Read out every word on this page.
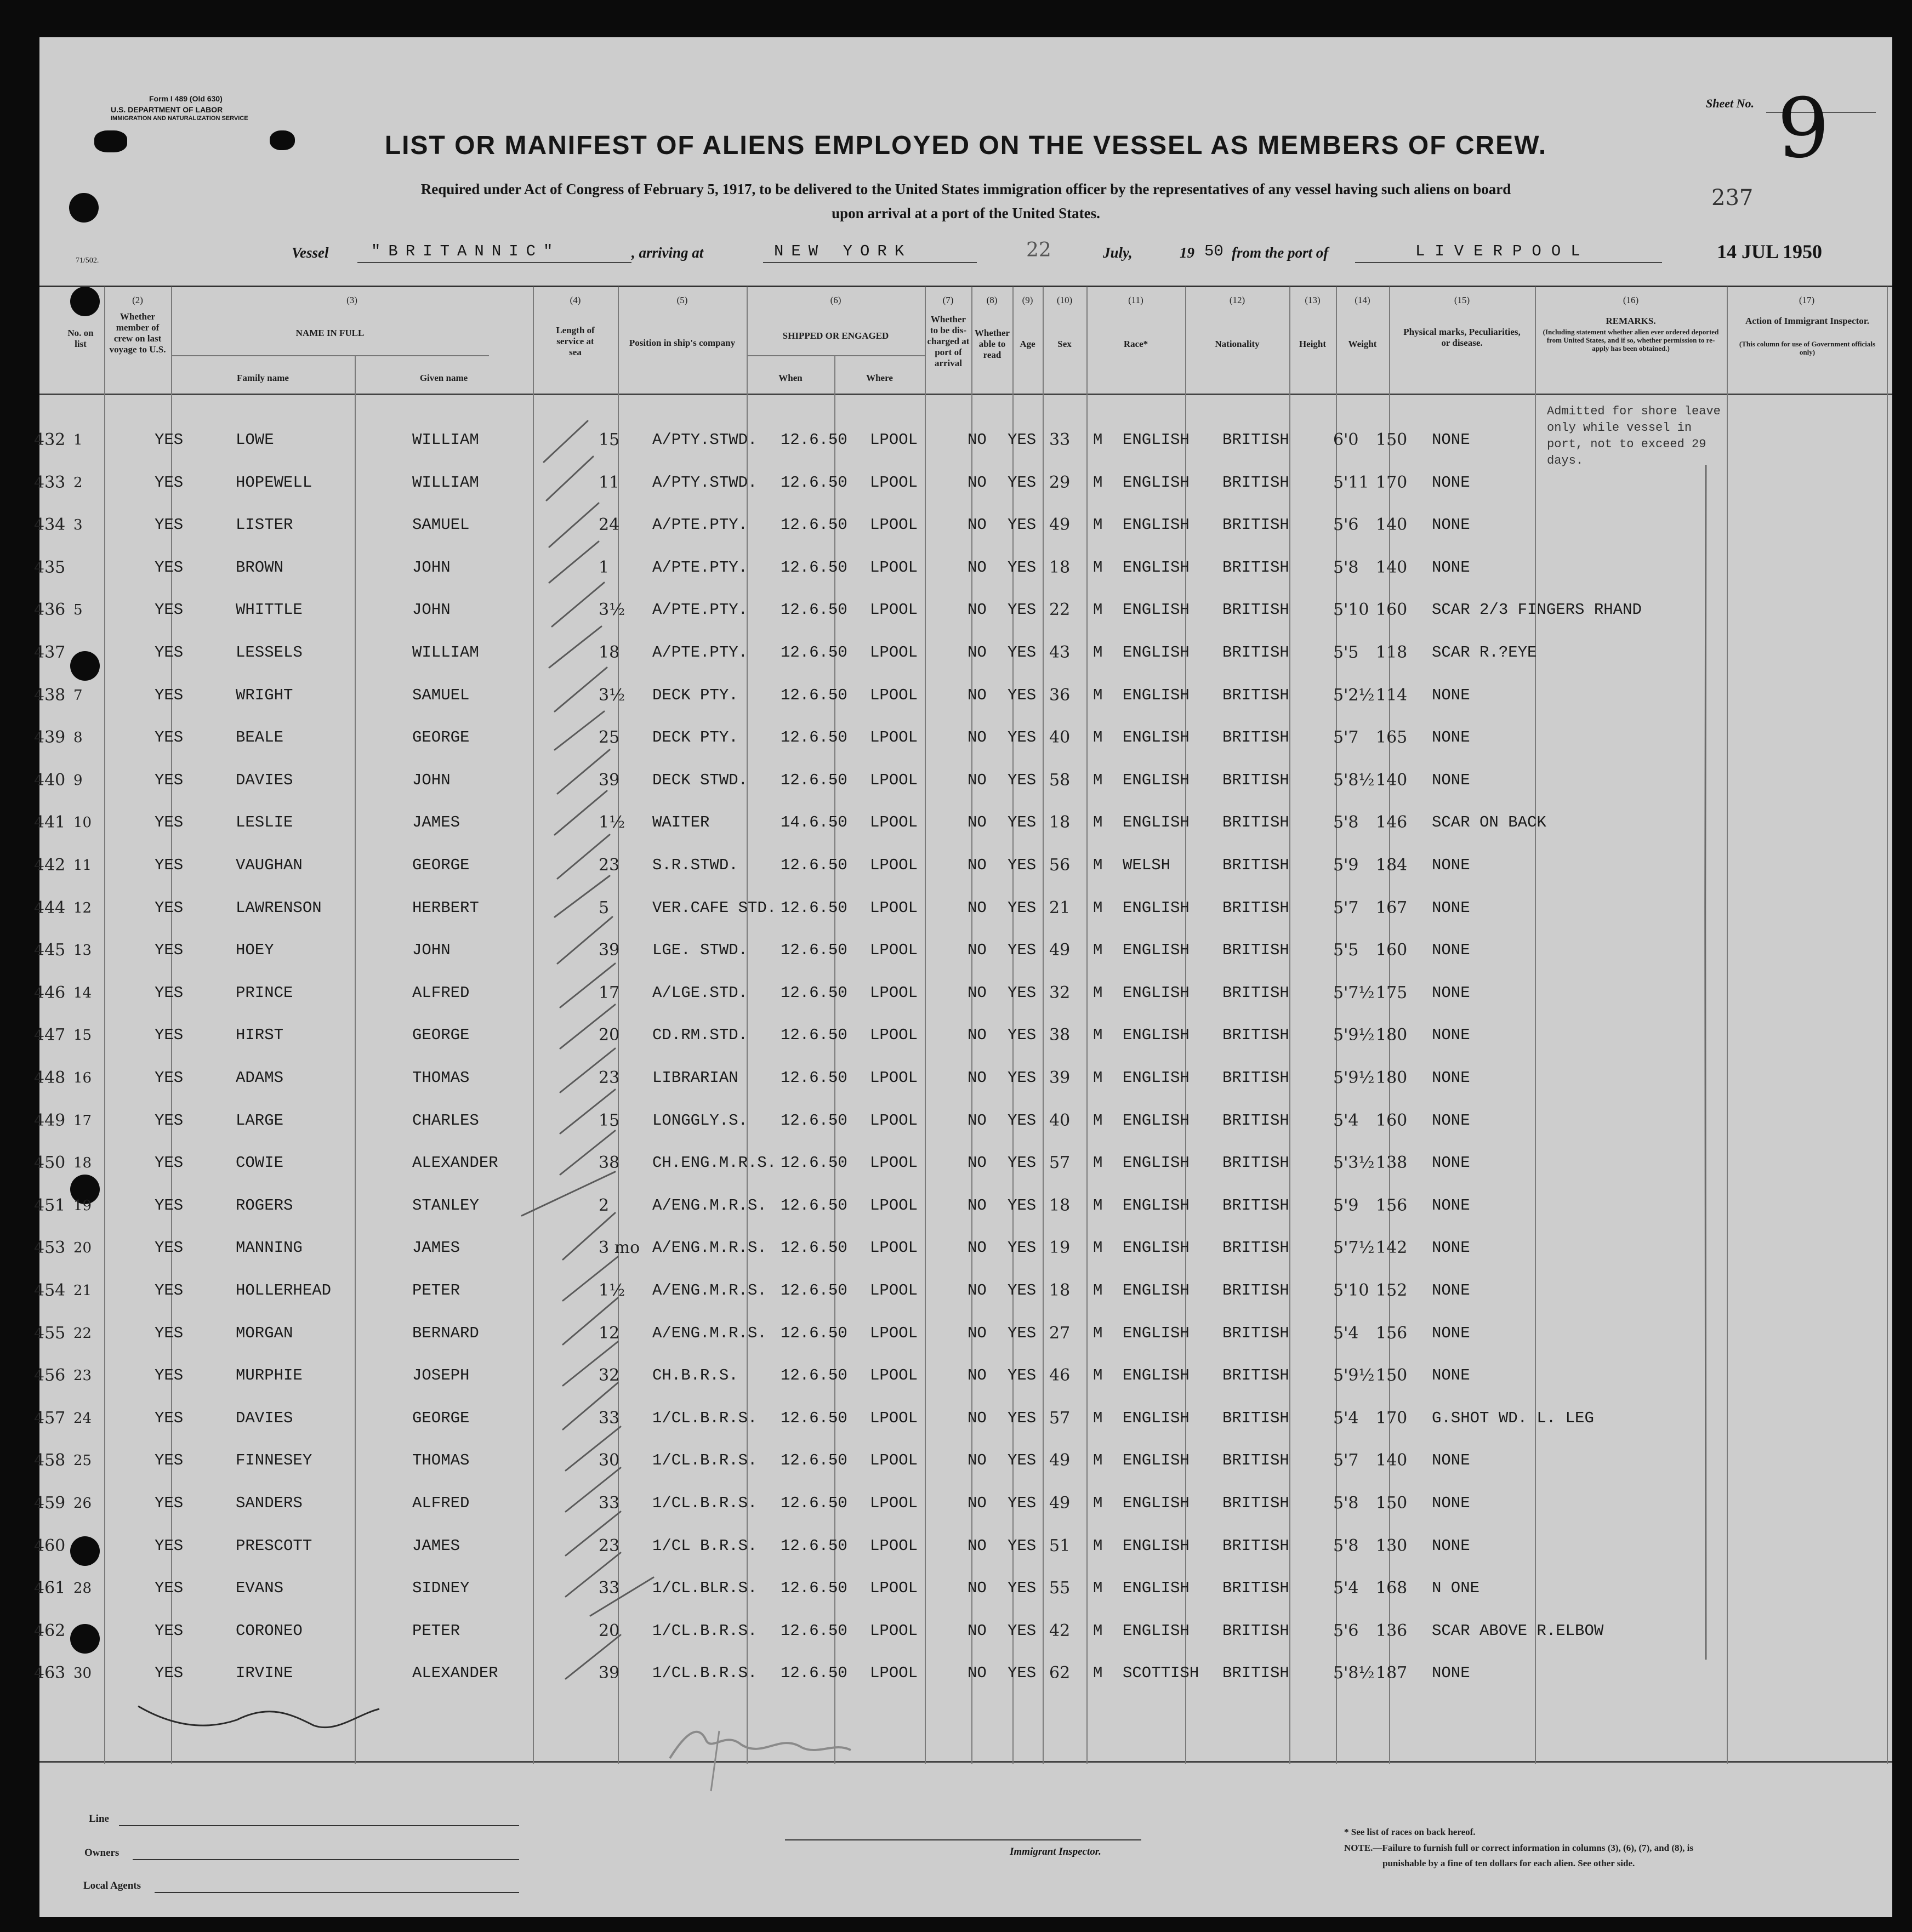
Form I 489 (Old 630)
U.S. DEPARTMENT OF LABOR
IMMIGRATION AND NATURALIZATION SERVICE
71/502.
Sheet No. 9
237
LIST OR MANIFEST OF ALIENS EMPLOYED ON THE VESSEL AS MEMBERS OF CREW.
Required under Act of Congress of February 5, 1917, to be delivered to the United States immigration officer by the representatives of any vessel having such aliens on board
upon arrival at a port of the United States.
Vessel	"BRITANNIC"	, arriving at	NEW YORK	22	July,	19 50 from the port of	LIVERPOOL	14 JUL 1950
No. on list
(2)
Whether member of crew on last voyage to U.S.
(3)
NAME IN FULL
Family name	Given name
(4)
Length of service at sea
(5)
Position in ship's company
(6)
SHIPPED OR ENGAGED
When	Where
(7)
Whether to be dis-charged at port of arrival
(8)
Whether able to read
(9)
Age
(10)
Sex
(11)
Race*
(12)
Nationality
(13)
Height
(14)
Weight
(15)
Physical marks, Peculiarities, or disease.
(16)
REMARKS.
(Including statement whether alien ever ordered deported from United States, and if so, whether permission to re-apply has been obtained.)
(17)
Action of Immigrant Inspector.
(This column for use of Government officials only)
Admitted for shore leave only while vessel in port, not to exceed 29 days.
432 1	YES	LOWE	WILLIAM	15 A/PTY.STWD. 12.6.50 LPOOL	NO YES 33 M ENGLISH BRITISH	6'0 150 NONE
433 2	YES	HOPEWELL	WILLIAM	11 A/PTY.STWD. 12.6.50 LPOOL	NO YES 29 M ENGLISH BRITISH	5'11 170 NONE
434 3	YES	LISTER	SAMUEL	24 A/PTE.PTY. 12.6.50 LPOOL	NO YES 49 M ENGLISH BRITISH	5'6 140 NONE
435	YES	BROWN	JOHN	1	A/PTE.PTY. 12.6.50 LPOOL	NO YES 18 M ENGLISH BRITISH	5'8 140 NONE
436 5	YES	WHITTLE	JOHN	3½ A/PTE.PTY. 12.6.50 LPOOL	NO YES 22 M ENGLISH BRITISH	5'10 160 SCAR 2/3 FINGERS RHAND
437	YES	LESSELS	WILLIAM	18 A/PTE.PTY. 12.6.50 LPOOL	NO YES 43 M ENGLISH BRITISH	5'5 118 SCAR R.?EYE
438 7	YES	WRIGHT	SAMUEL	3½ DECK PTY.	12.6.50 LPOOL	NO YES 36 M ENGLISH BRITISH	5'2½ 114 NONE
439 8	YES	BEALE	GEORGE	25 DECK PTY.	12.6.50 LPOOL	NO YES 40 M ENGLISH BRITISH	5'7 165 NONE
440 9	YES	DAVIES	JOHN	39 DECK STWD. 12.6.50 LPOOL	NO YES 58 M ENGLISH BRITISH	5'8½ 140 NONE
441 10	YES	LESLIE	JAMES	1½ WAITER	14.6.50 LPOOL	NO YES 18 M ENGLISH BRITISH	5'8 146 SCAR ON BACK
442 11	YES	VAUGHAN	GEORGE	23 S.R.STWD.	12.6.50 LPOOL	NO YES 56 M WELSH	BRITISH	5'9 184 NONE
444 12	YES	LAWRENSON	HERBERT	5	VER.CAFE STD. 12.6.50 LPOOL	NO YES 21 M ENGLISH BRITISH	5'7 167 NONE
445 13	YES	HOEY	JOHN	39 LGE. STWD. 12.6.50 LPOOL	NO YES 49 M ENGLISH BRITISH	5'5 160 NONE
446 14	YES	PRINCE	ALFRED	17 A/LGE.STD. 12.6.50 LPOOL	NO YES 32 M ENGLISH BRITISH	5'7½ 175 NONE
447 15	YES	HIRST	GEORGE	20 CD.RM.STD. 12.6.50 LPOOL	NO YES 38 M ENGLISH BRITISH	5'9½ 180 NONE
448 16	YES	ADAMS	THOMAS	23 LIBRARIAN	12.6.50 LPOOL	NO YES 39 M ENGLISH BRITISH	5'9½ 180 NONE
449 17	YES	LARGE	CHARLES	15 LONGGLY.S. 12.6.50 LPOOL	NO YES 40 M ENGLISH BRITISH	5'4 160 NONE
450 18	YES	COWIE	ALEXANDER	38 CH.ENG.M.R.S. 12.6.50 LPOOL	NO YES 57 M ENGLISH BRITISH	5'3½ 138 NONE
451 19	YES	ROGERS	STANLEY	2	A/ENG.M.R.S. 12.6.50 LPOOL	NO YES 18 M ENGLISH BRITISH	5'9 156 NONE
453 20	YES	MANNING	JAMES	3 mo A/ENG.M.R.S. 12.6.50 LPOOL	NO YES 19 M ENGLISH BRITISH	5'7½ 142 NONE
454 21	YES	HOLLERHEAD	PETER	1½ A/ENG.M.R.S. 12.6.50 LPOOL	NO YES 18 M ENGLISH BRITISH	5'10 152 NONE
455 22	YES	MORGAN	BERNARD	12 A/ENG.M.R.S. 12.6.50 LPOOL	NO YES 27 M ENGLISH BRITISH	5'4 156 NONE
456 23	YES	MURPHIE	JOSEPH	32 CH.B.R.S.	12.6.50 LPOOL	NO YES 46 M ENGLISH BRITISH	5'9½ 150 NONE
457 24	YES	DAVIES	GEORGE	33 1/CL.B.R.S. 12.6.50 LPOOL	NO YES 57 M ENGLISH BRITISH	5'4 170 G.SHOT WD. L. LEG
458 25	YES	FINNESEY	THOMAS	30 1/CL.B.R.S. 12.6.50 LPOOL	NO YES 49 M ENGLISH BRITISH	5'7 140 NONE
459 26	YES	SANDERS	ALFRED	33 1/CL.B.R.S. 12.6.50 LPOOL	NO YES 49 M ENGLISH BRITISH	5'8 150 NONE
460	YES	PRESCOTT	JAMES	23 1/CL B.R.S. 12.6.50 LPOOL	NO YES 51 M ENGLISH BRITISH	5'8 130 NONE
461 28	YES	EVANS	SIDNEY	33 1/CL.BLR.S. 12.6.50 LPOOL	NO YES 55 M ENGLISH BRITISH	5'4 168 N ONE
462	YES	CORONEO	PETER	20 1/CL.B.R.S. 12.6.50 LPOOL	NO YES 42 M ENGLISH BRITISH	5'6 136 SCAR ABOVE R.ELBOW
463 30	YES	IRVINE	ALEXANDER	39 1/CL.B.R.S. 12.6.50 LPOOL	NO YES 62 M SCOTTISH BRITISH	5'8½ 187 NONE
Line
Owners
Local Agents
Immigrant Inspector.
* See list of races on back hereof.
NOTE.—Failure to furnish full or correct information in columns (3), (6), (7), and (8), is
punishable by a fine of ten dollars for each alien. See other side.
